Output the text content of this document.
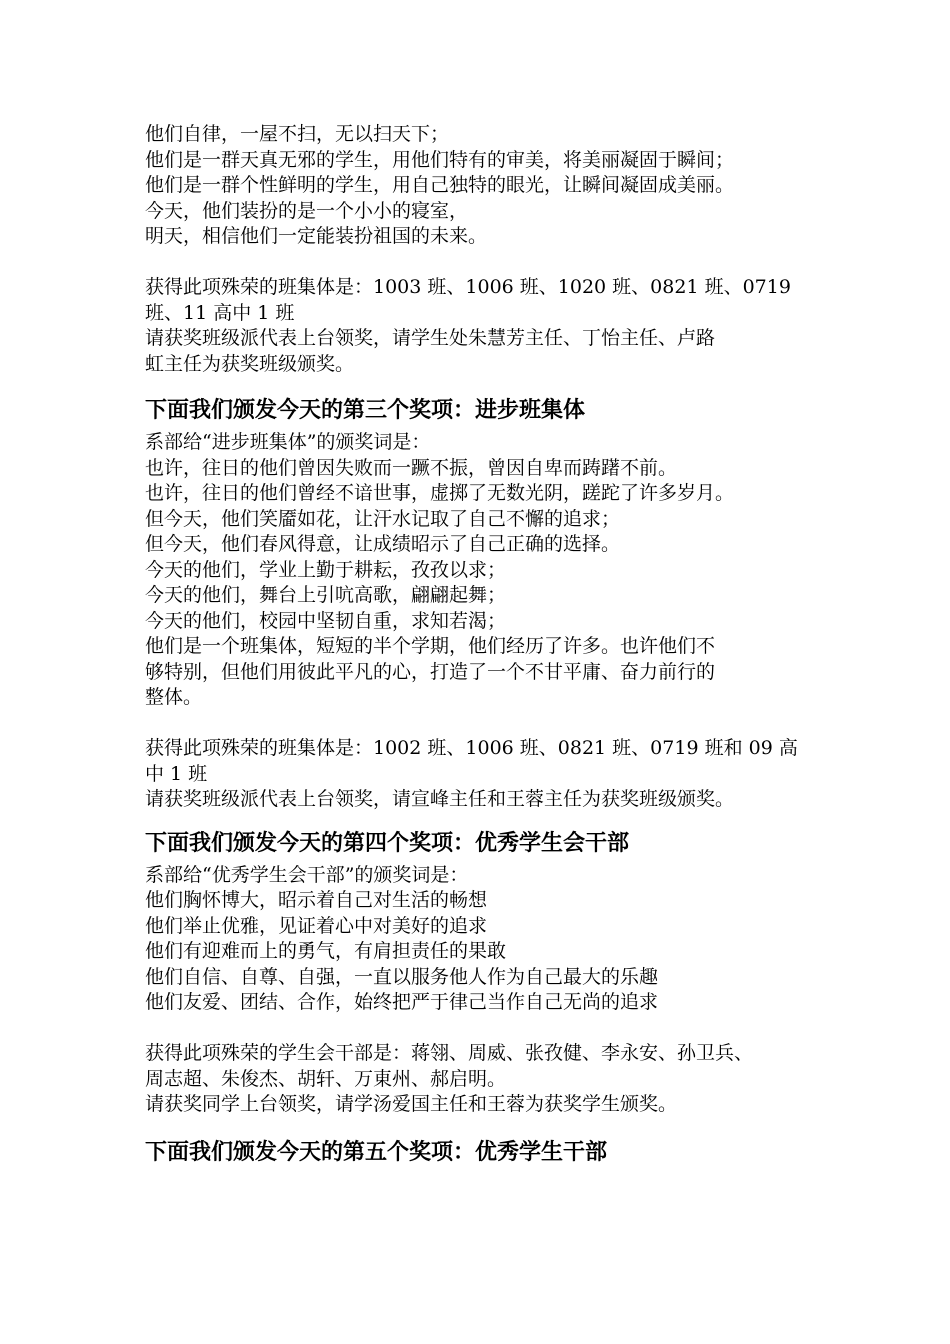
他们自律，一屋不扫，无以扫天下；
他们是一群天真无邪的学生，用他们特有的审美，将美丽凝固于瞬间；
他们是一群个性鲜明的学生，用自己独特的眼光，让瞬间凝固成美丽。
今天，他们装扮的是一个小小的寝室，
明天，相信他们一定能装扮祖国的未来。
获得此项殊荣的班集体是：1003 班、1006 班、1020 班、0821 班、0719
班、11 高中 1 班
请获奖班级派代表上台领奖，请学生处朱慧芳主任、丁怡主任、卢路
虹主任为获奖班级颁奖。
下面我们颁发今天的第三个奖项：进步班集体
系部给“进步班集体”的颁奖词是：
也许，往日的他们曾因失败而一蹶不振，曾因自卑而踌躇不前。
也许，往日的他们曾经不谙世事，虚掷了无数光阴，蹉跎了许多岁月。
但今天，他们笑靥如花，让汗水记取了自己不懈的追求；
但今天，他们春风得意，让成绩昭示了自己正确的选择。
今天的他们，学业上勤于耕耘，孜孜以求；
今天的他们，舞台上引吭高歌，翩翩起舞；
今天的他们，校园中坚韧自重，求知若渴；
他们是一个班集体，短短的半个学期，他们经历了许多。也许他们不
够特别，但他们用彼此平凡的心，打造了一个不甘平庸、奋力前行的
整体。
获得此项殊荣的班集体是：1002 班、1006 班、0821 班、0719 班和 09 高
中 1 班
请获奖班级派代表上台领奖，请宣峰主任和王蓉主任为获奖班级颁奖。
下面我们颁发今天的第四个奖项：优秀学生会干部
系部给“优秀学生会干部”的颁奖词是：
他们胸怀博大，昭示着自己对生活的畅想
他们举止优雅，见证着心中对美好的追求
他们有迎难而上的勇气，有肩担责任的果敢
他们自信、自尊、自强，一直以服务他人作为自己最大的乐趣
他们友爱、团结、合作，始终把严于律己当作自己无尚的追求
获得此项殊荣的学生会干部是：蒋翎、周威、张孜健、李永安、孙卫兵、
周志超、朱俊杰、胡轩、万東州、郝启明。
请获奖同学上台领奖，请学汤爱国主任和王蓉为获奖学生颁奖。
下面我们颁发今天的第五个奖项：优秀学生干部
